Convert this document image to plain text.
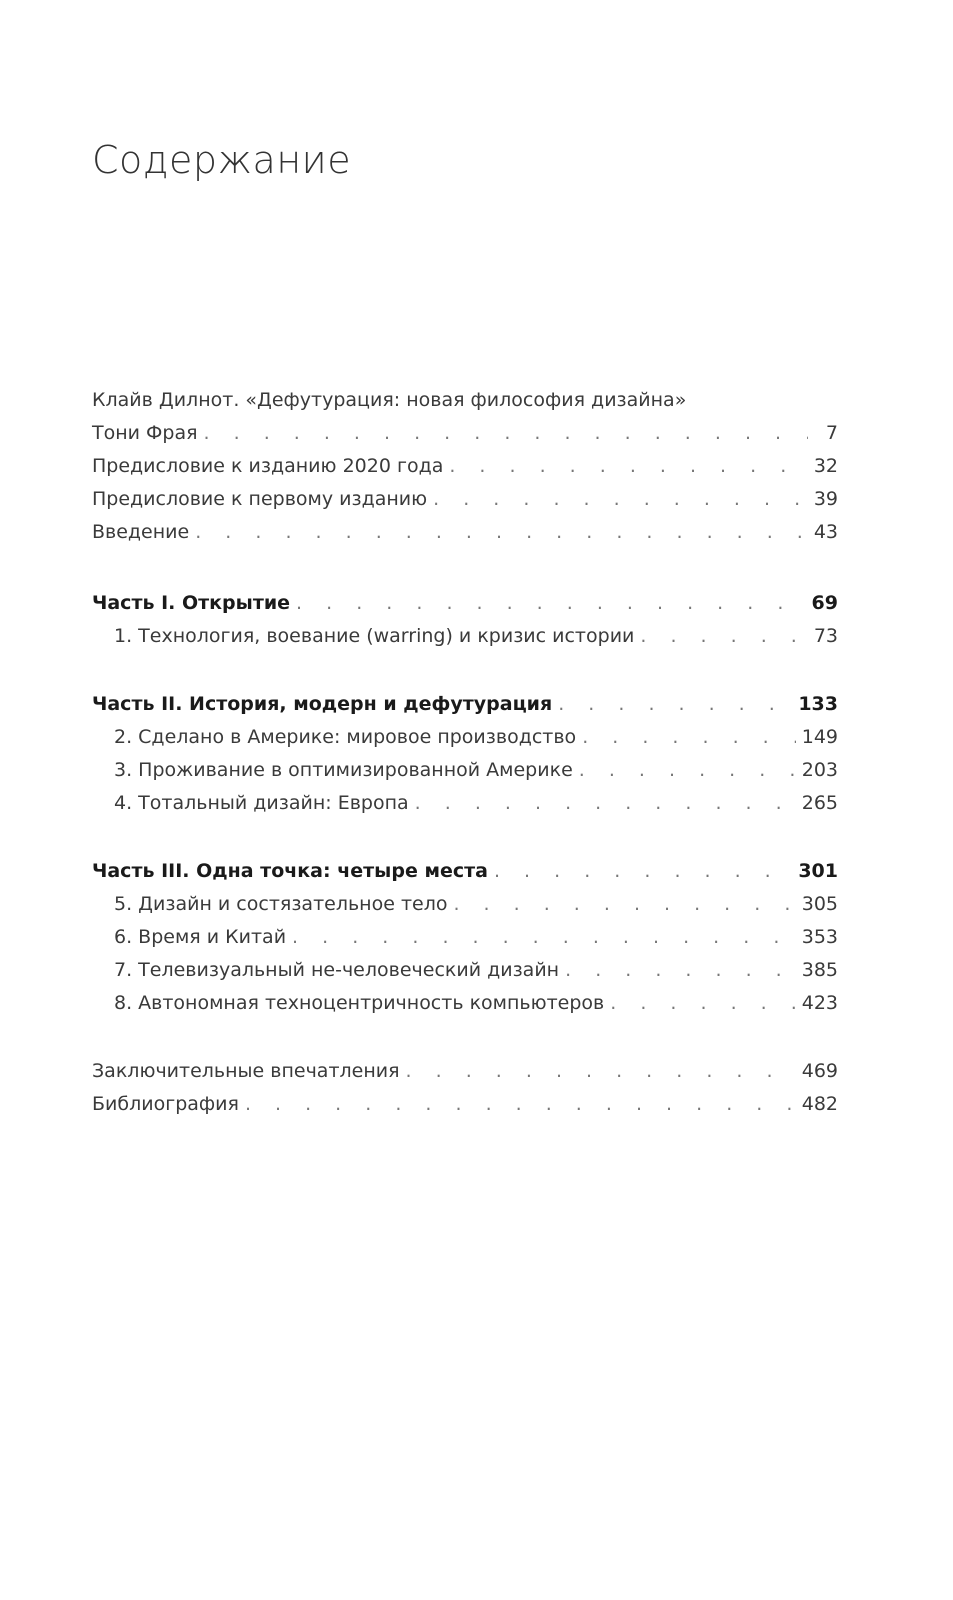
Содержание
Клайв Дилнот. «Дефутурация: новая философия дизайна»
Тони Фрая . . .	7
Предисловие к изданию 2020 года . . .	32
Предисловие к первому изданию . . .	39
Введение . . .	43
Часть I. Открытие . . .	69
1. Технология, воевание (warring) и кризис истории . . .	73
Часть II. История, модерн и дефутурация . . .	133
2. Сделано в Америке: мировое производство . . .	149
3. Проживание в оптимизированной Америке . . .	203
4. Тотальный дизайн: Европа . . .	265
Часть III. Одна точка: четыре места . . .	301
5. Дизайн и состязательное тело . . .	305
6. Время и Китай . . .	353
7. Телевизуальный не-человеческий дизайн . . .	385
8. Автономная техноцентричность компьютеров . . .	423
Заключительные впечатления . . .	469
Библиография . . .	482
